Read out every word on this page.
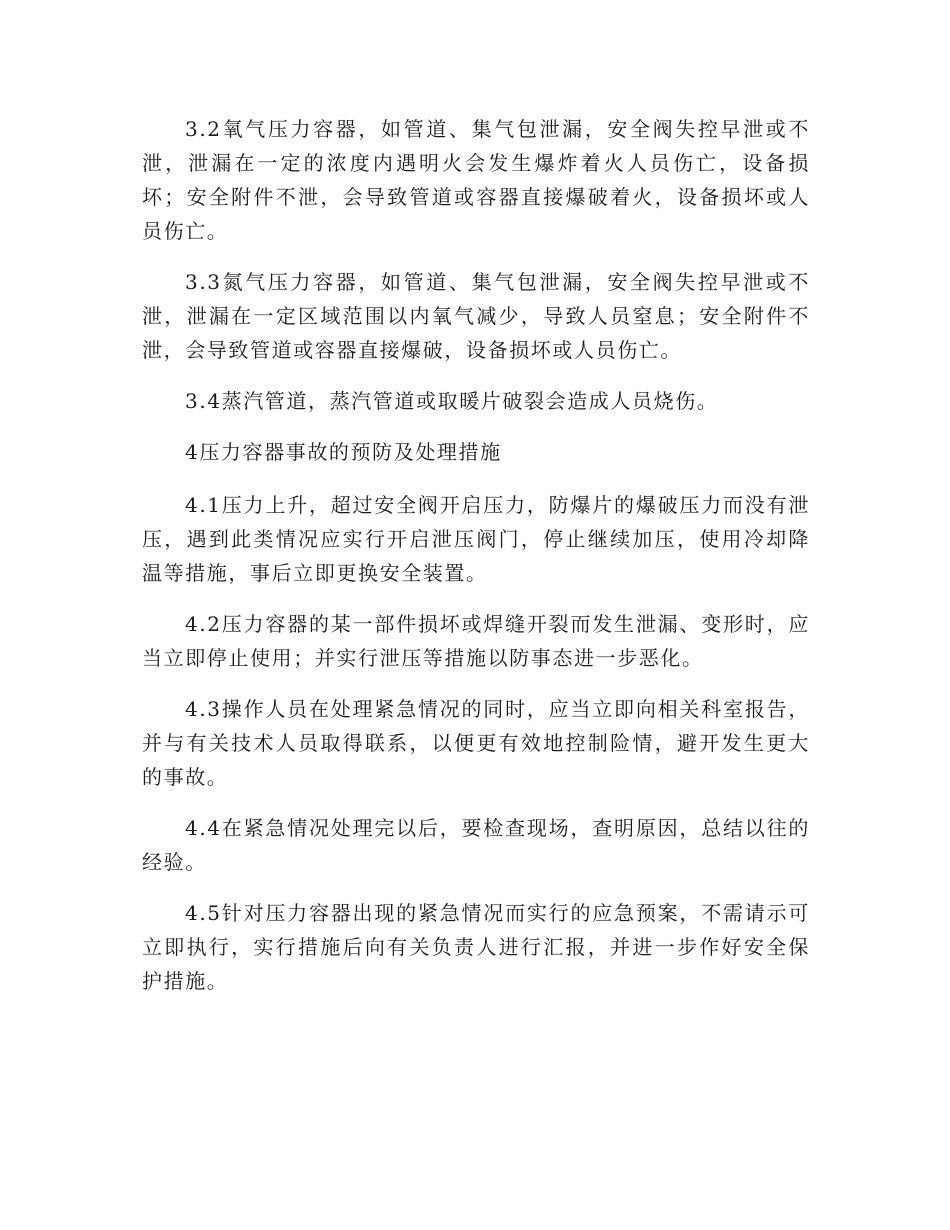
3.2氧气压力容器，如管道、集气包泄漏，安全阀失控早泄或不泄，泄漏在一定的浓度内遇明火会发生爆炸着火人员伤亡，设备损坏；安全附件不泄，会导致管道或容器直接爆破着火，设备损坏或人员伤亡。

3.3氮气压力容器，如管道、集气包泄漏，安全阀失控早泄或不泄，泄漏在一定区域范围以内氧气减少，导致人员窒息；安全附件不泄，会导致管道或容器直接爆破，设备损坏或人员伤亡。

3.4蒸汽管道，蒸汽管道或取暖片破裂会造成人员烧伤。

4压力容器事故的预防及处理措施

4.1压力上升，超过安全阀开启压力，防爆片的爆破压力而没有泄压，遇到此类情况应实行开启泄压阀门，停止继续加压，使用冷却降温等措施，事后立即更换安全装置。

4.2压力容器的某一部件损坏或焊缝开裂而发生泄漏、变形时，应当立即停止使用；并实行泄压等措施以防事态进一步恶化。

4.3操作人员在处理紧急情况的同时，应当立即向相关科室报告，并与有关技术人员取得联系，以便更有效地控制险情，避开发生更大的事故。

4.4在紧急情况处理完以后，要检查现场，查明原因，总结以往的经验。

4.5针对压力容器出现的紧急情况而实行的应急预案，不需请示可立即执行，实行措施后向有关负责人进行汇报，并进一步作好安全保护措施。
